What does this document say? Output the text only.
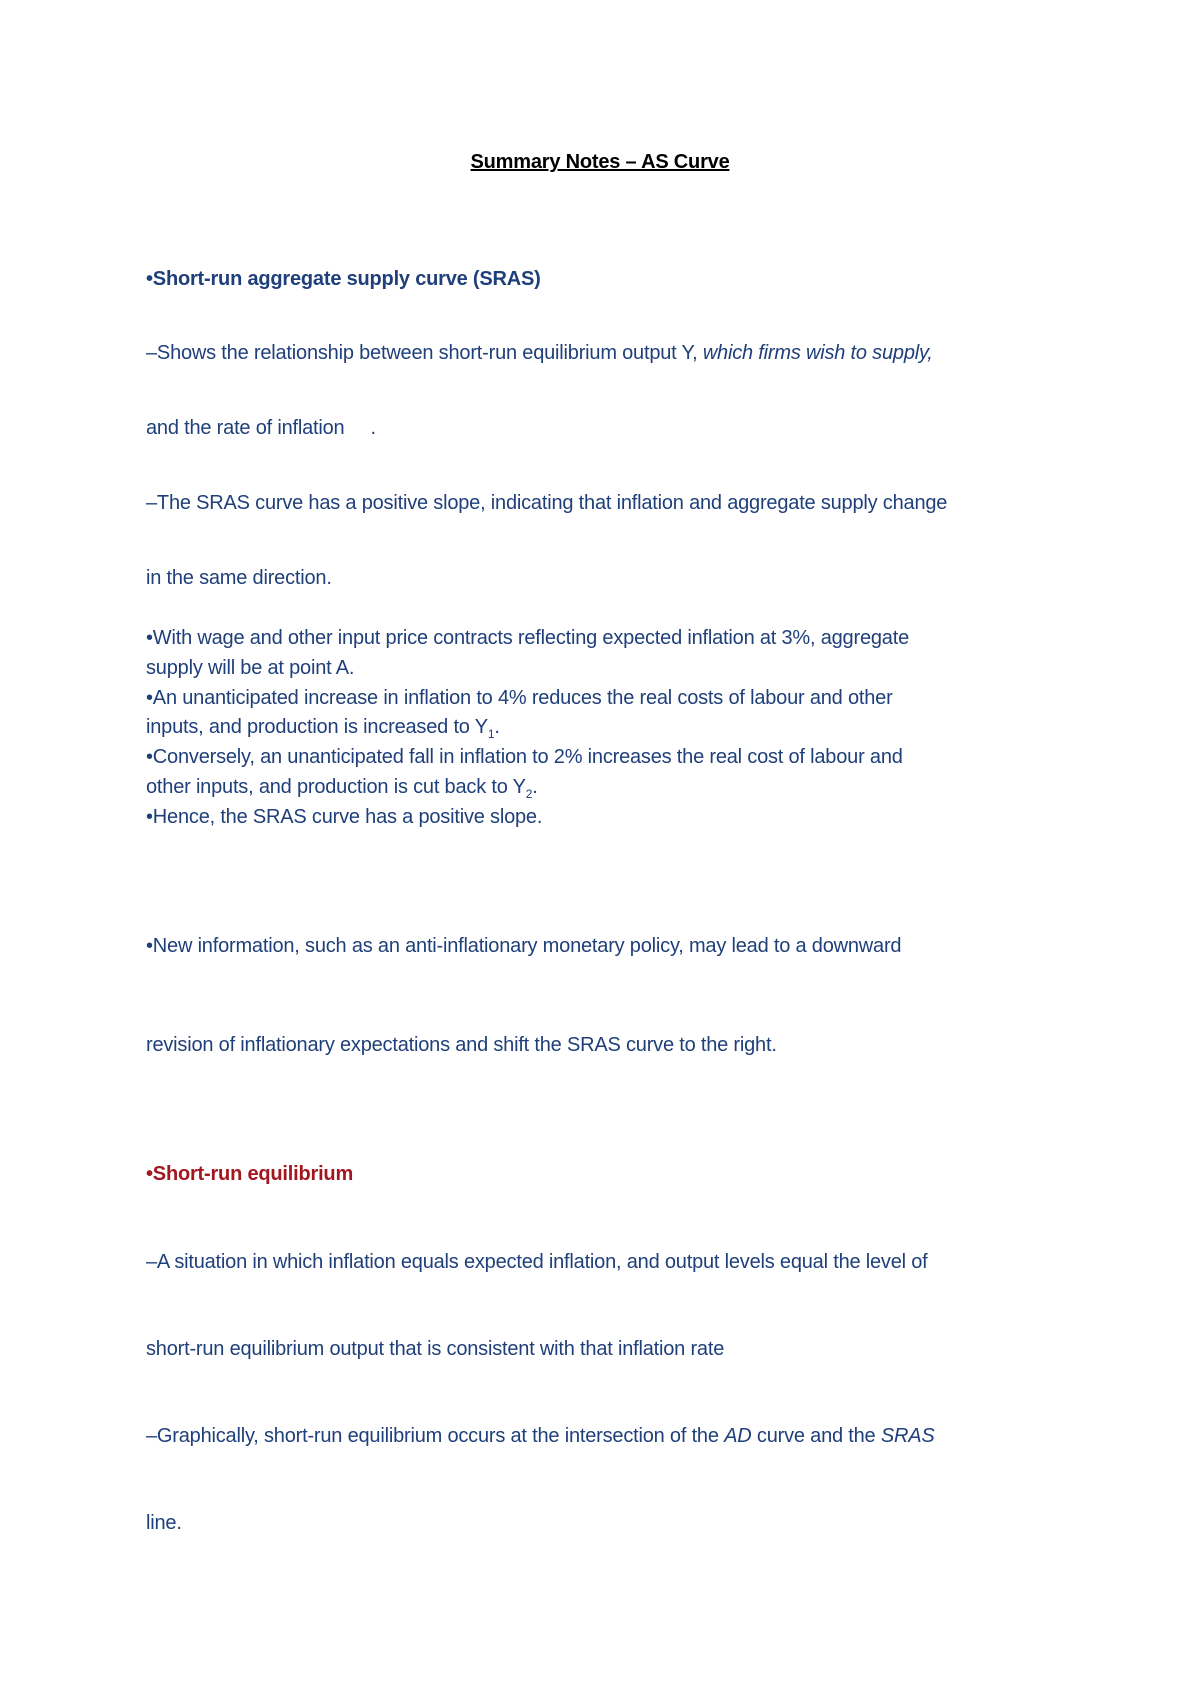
Summary Notes – AS Curve
•Short-run aggregate supply curve (SRAS)
–Shows the relationship between short-run equilibrium output Y, which firms wish to supply,
and the rate of inflation .
–The SRAS curve has a positive slope, indicating that inflation and aggregate supply change
in the same direction.
•With wage and other input price contracts reflecting expected inflation at 3%, aggregate
supply will be at point A.
•An unanticipated increase in inflation to 4% reduces the real costs of labour and other
inputs, and production is increased to $Y_1$.
•Conversely, an unanticipated fall in inflation to 2% increases the real cost of labour and
other inputs, and production is cut back to $Y_2$.
•Hence, the SRAS curve has a positive slope.
•New information, such as an anti-inflationary monetary policy, may lead to a downward
revision of inflationary expectations and shift the SRAS curve to the right.
•Short-run equilibrium
–A situation in which inflation equals expected inflation, and output levels equal the level of
short-run equilibrium output that is consistent with that inflation rate
–Graphically, short-run equilibrium occurs at the intersection of the AD curve and the SRAS
line.
